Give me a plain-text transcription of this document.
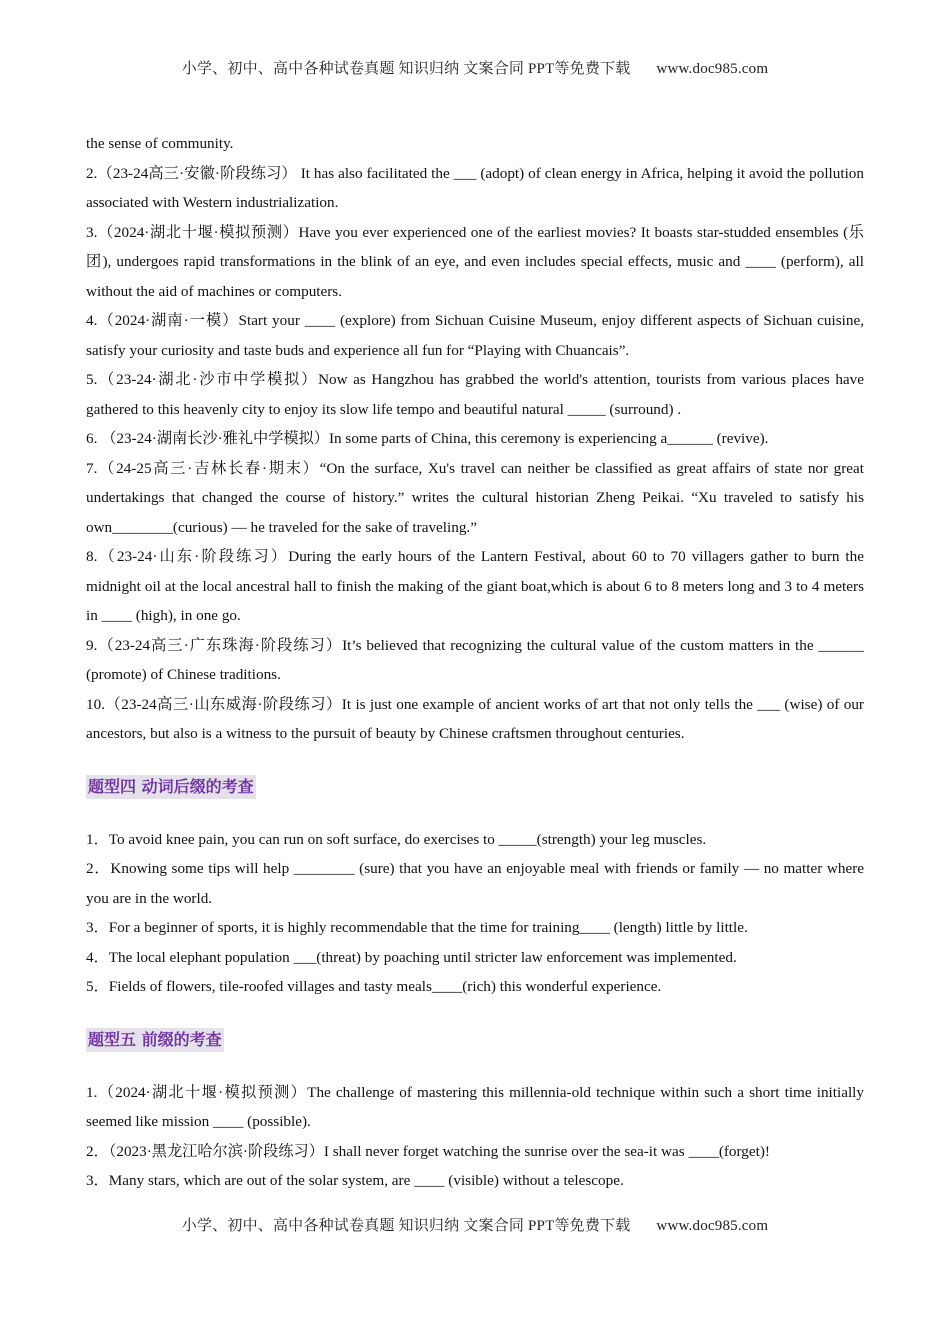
小学、初中、高中各种试卷真题 知识归纳 文案合同 PPT等免费下载 www.doc985.com

the sense of community.

2.（23-24高三·安徽·阶段练习） It has also facilitated the ___ (adopt) of clean energy in Africa, helping it avoid the pollution associated with Western industrialization.

3.（2024·湖北十堰·模拟预测）Have you ever experienced one of the earliest movies? It boasts star-studded ensembles (乐团), undergoes rapid transformations in the blink of an eye, and even includes special effects, music and ____ (perform), all without the aid of machines or computers.

4.（2024·湖南·一模）Start your ____ (explore) from Sichuan Cuisine Museum, enjoy different aspects of Sichuan cuisine, satisfy your curiosity and taste buds and experience all fun for “Playing with Chuancais”.

5.（23-24·湖北·沙市中学模拟）Now as Hangzhou has grabbed the world's attention, tourists from various places have gathered to this heavenly city to enjoy its slow life tempo and beautiful natural _____ (surround) .

6. （23-24·湖南长沙·雅礼中学模拟）In some parts of China, this ceremony is experiencing a______ (revive).

7.（24-25高三·吉林长春·期末）“On the surface, Xu's travel can neither be classified as great affairs of state nor great undertakings that changed the course of history.” writes the cultural historian Zheng Peikai. “Xu traveled to satisfy his own________(curious) — he traveled for the sake of traveling.”

8.（23-24·山东·阶段练习）During the early hours of the Lantern Festival, about 60 to 70 villagers gather to burn the midnight oil at the local ancestral hall to finish the making of the giant boat,which is about 6 to 8 meters long and 3 to 4 meters in ____ (high), in one go.

9.（23-24高三·广东珠海·阶段练习）It’s believed that recognizing the cultural value of the custom matters in the ______ (promote) of Chinese traditions.

10.（23-24高三·山东威海·阶段练习）It is just one example of ancient works of art that not only tells the ___ (wise) of our ancestors, but also is a witness to the pursuit of beauty by Chinese craftsmen throughout centuries.

题型四 动词后缀的考查

1．To avoid knee pain, you can run on soft surface, do exercises to _____(strength) your leg muscles.

2．Knowing some tips will help ________ (sure) that you have an enjoyable meal with friends or family — no matter where you are in the world.

3．For a beginner of sports, it is highly recommendable that the time for training____ (length) little by little.

4．The local elephant population ___(threat) by poaching until stricter law enforcement was implemented.

5．Fields of flowers, tile-roofed villages and tasty meals____(rich) this wonderful experience.

题型五 前缀的考查

1.（2024·湖北十堰·模拟预测）The challenge of mastering this millennia-old technique within such a short time initially seemed like mission ____ (possible).

2．（2023·黑龙江哈尔滨·阶段练习）I shall never forget watching the sunrise over the sea-it was ____(forget)!

3．Many stars, which are out of the solar system, are ____ (visible) without a telescope.

小学、初中、高中各种试卷真题 知识归纳 文案合同 PPT等免费下载 www.doc985.com
